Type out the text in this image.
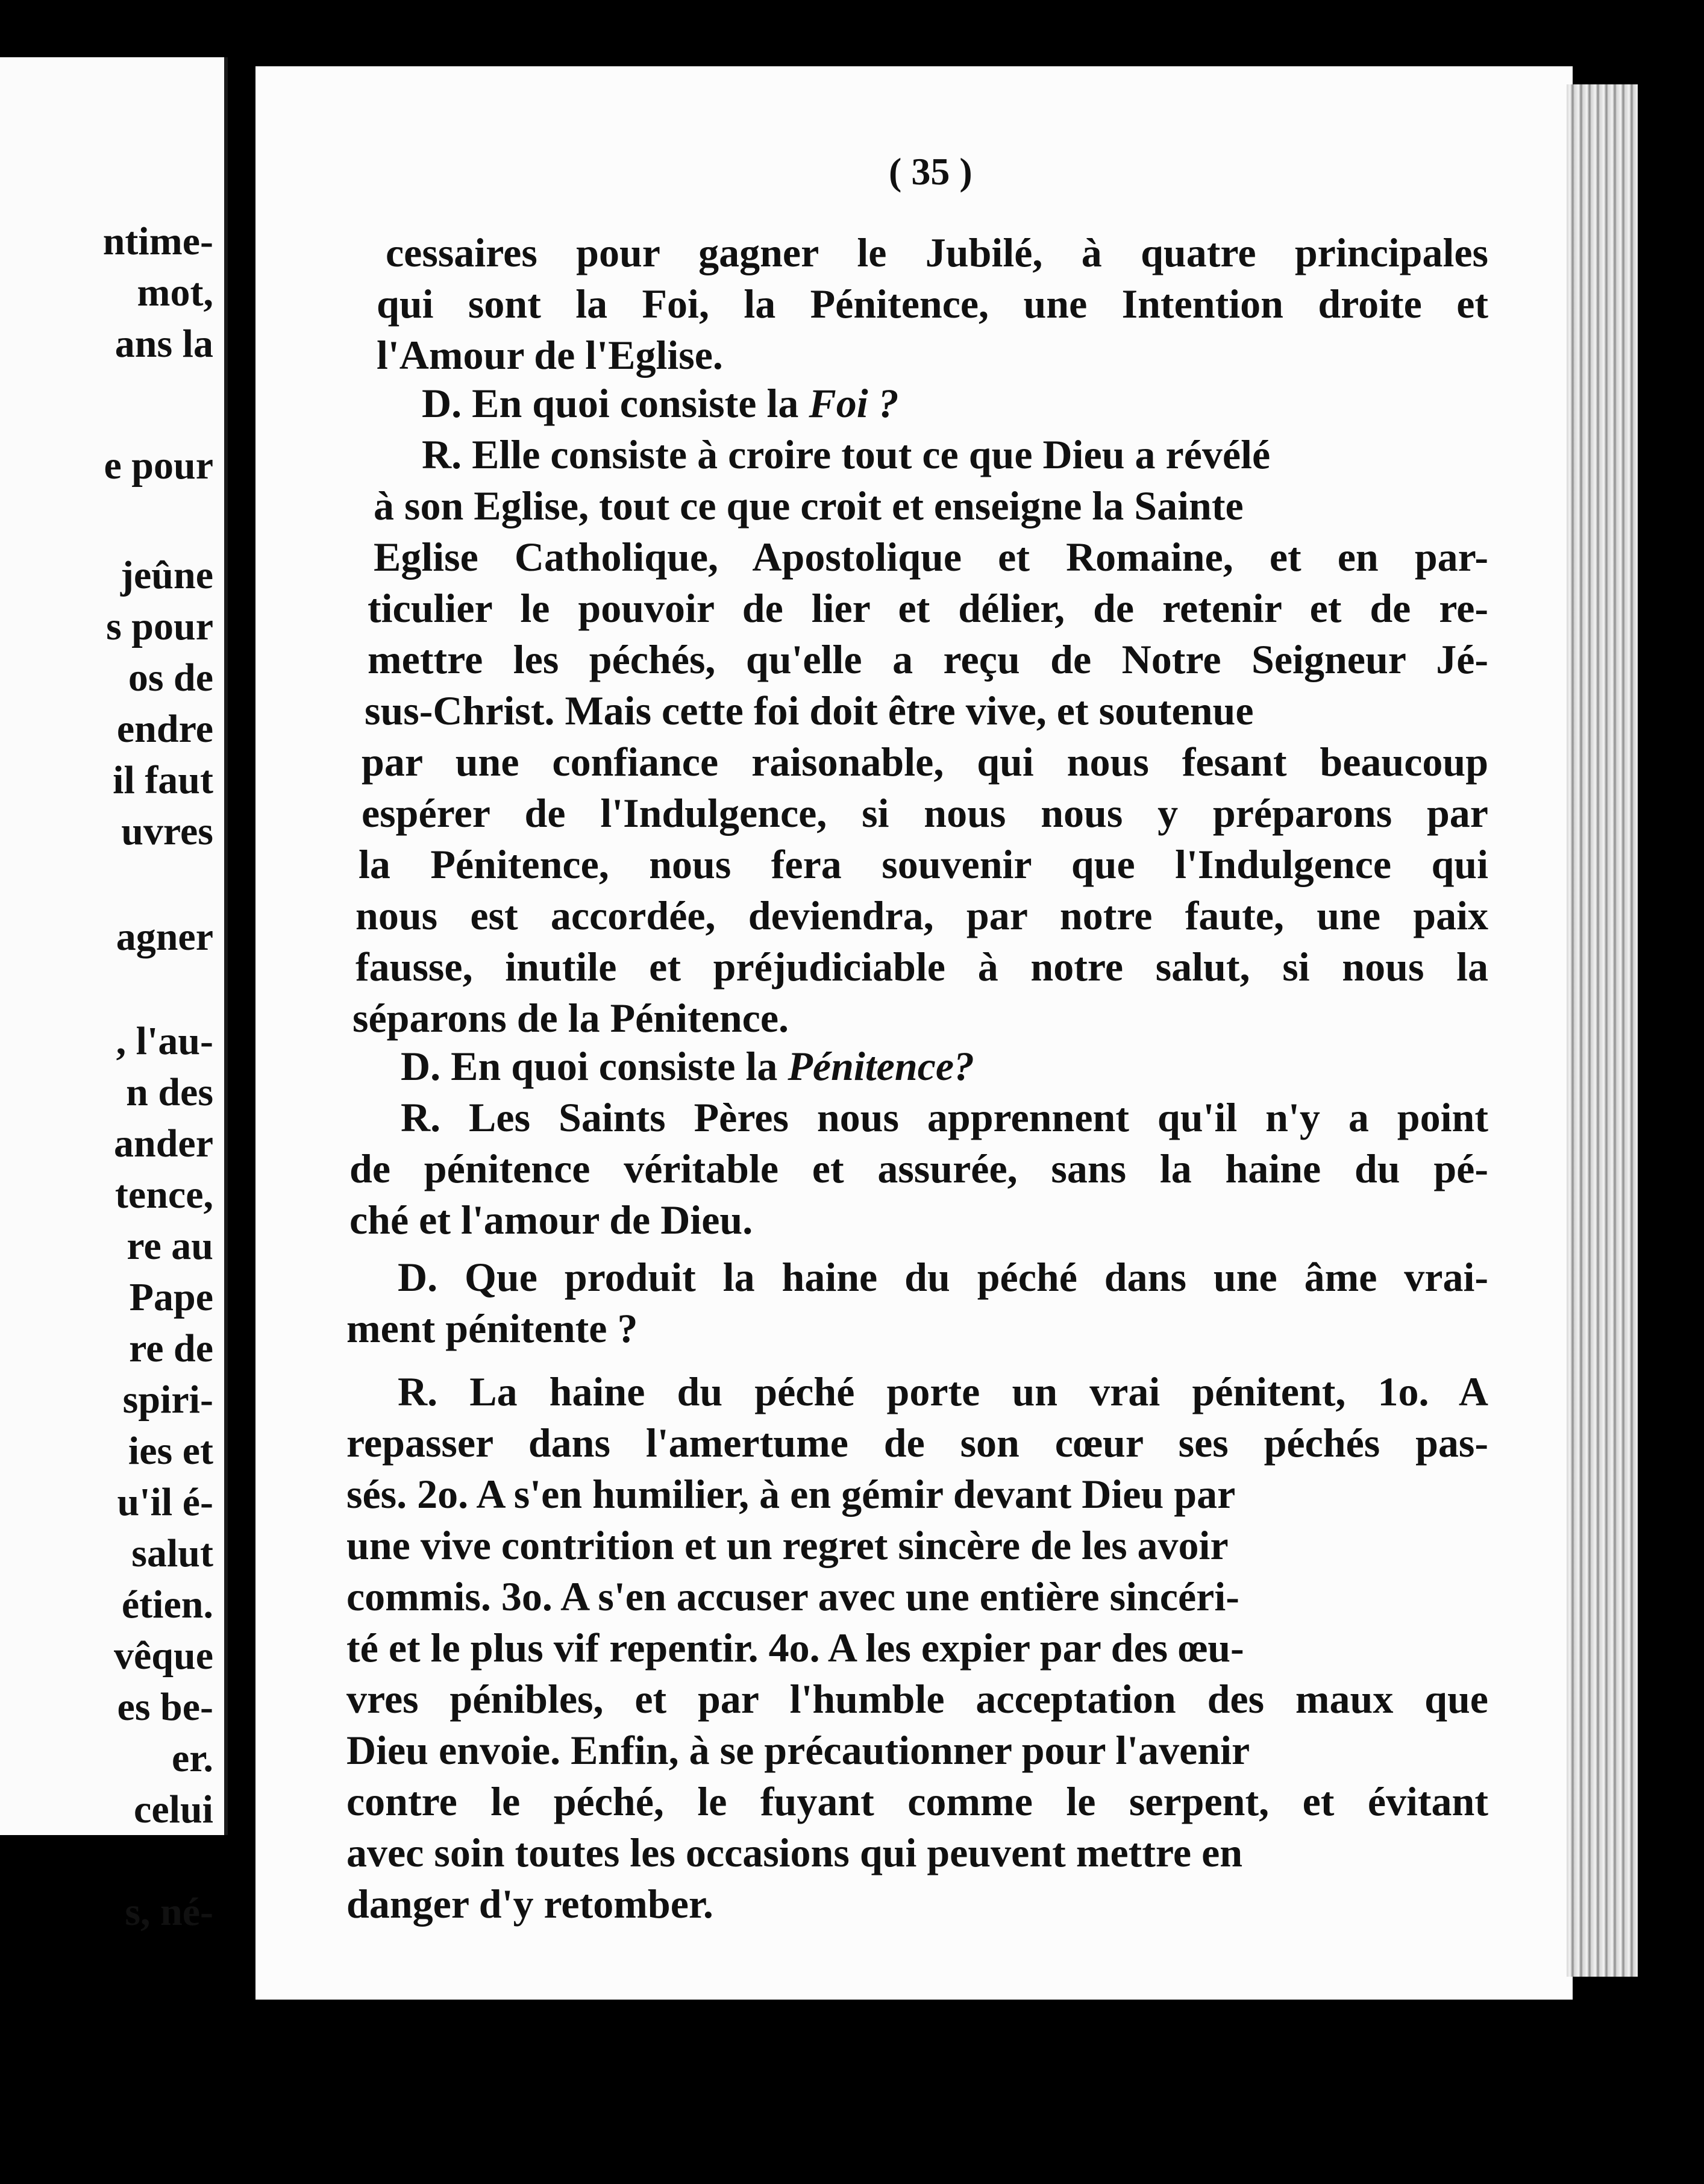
ntime-
mot,
ans la
e pour
jeûne
s pour
os de
endre
il faut
uvres
agner
, l'au-
n des
ander
tence,
re au
Pape
re de
spiri-
ies et
u'il é-
salut
étien.
vêque
es be-
er.
celui
s, né-
( 35 )
cessaires pour gagner le Jubilé, à quatre principales
qui sont la Foi, la Pénitence, une Intention droite et
l'Amour de l'Eglise.
D. En quoi consiste la Foi ?
R. Elle consiste à croire tout ce que Dieu a révélé
à son Eglise, tout ce que croit et enseigne la Sainte
Eglise Catholique, Apostolique et Romaine, et en par-
ticulier le pouvoir de lier et délier, de retenir et de re-
mettre les péchés, qu'elle a reçu de Notre Seigneur Jé-
sus-Christ. Mais cette foi doit être vive, et soutenue
par une confiance raisonable, qui nous fesant beaucoup
espérer de l'Indulgence, si nous nous y préparons par
la Pénitence, nous fera souvenir que l'Indulgence qui
nous est accordée, deviendra, par notre faute, une paix
fausse, inutile et préjudiciable à notre salut, si nous la
séparons de la Pénitence.
D. En quoi consiste la Pénitence?
R. Les Saints Pères nous apprennent qu'il n'y a point
de pénitence véritable et assurée, sans la haine du pé-
ché et l'amour de Dieu.
D. Que produit la haine du péché dans une âme vrai-
ment pénitente ?
R. La haine du péché porte un vrai pénitent, 1o. A
repasser dans l'amertume de son cœur ses péchés pas-
sés. 2o. A s'en humilier, à en gémir devant Dieu par
une vive contrition et un regret sincère de les avoir
commis. 3o. A s'en accuser avec une entière sincéri-
té et le plus vif repentir. 4o. A les expier par des œu-
vres pénibles, et par l'humble acceptation des maux que
Dieu envoie. Enfin, à se précautionner pour l'avenir
contre le péché, le fuyant comme le serpent, et évitant
avec soin toutes les occasions qui peuvent mettre en
danger d'y retomber.
